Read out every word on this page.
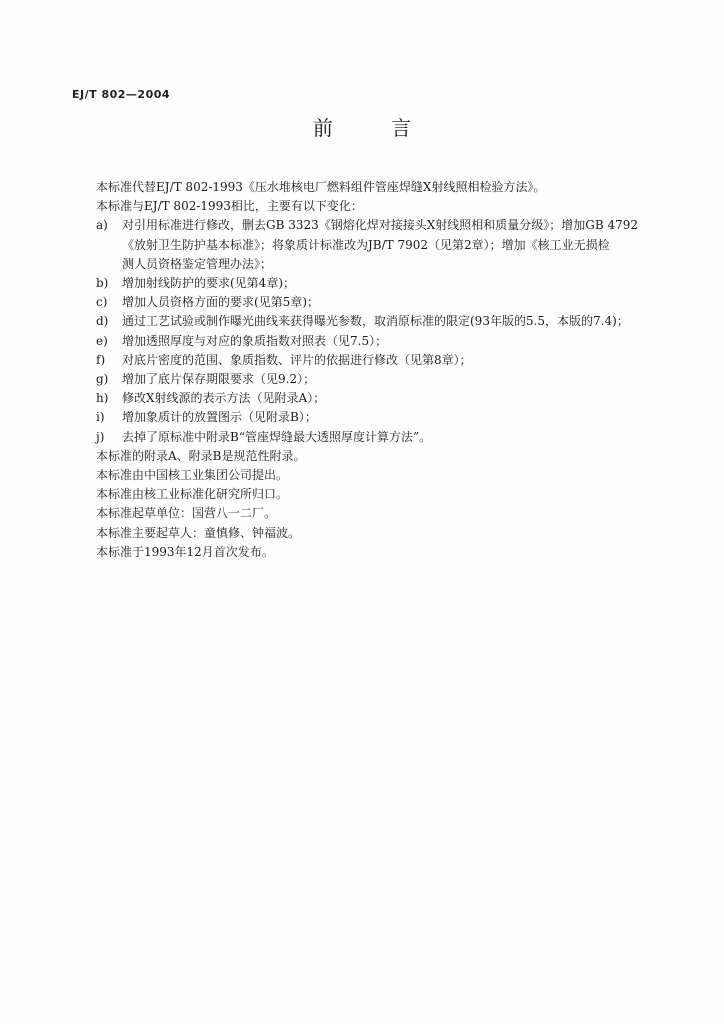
EJ/T 802—2004
前 言

本标准代替EJ/T 802-1993《压水堆核电厂燃料组件管座焊缝X射线照相检验方法》。

本标准与EJ/T 802-1993相比，主要有以下变化：

a)	对引用标准进行修改，删去GB 3323《钢熔化焊对接接头X射线照相和质量分级》；增加GB 4792
《放射卫生防护基本标准》；将象质计标准改为JB/T 7902（见第2章）；增加《核工业无损检
测人员资格鉴定管理办法》；
b)	增加射线防护的要求(见第4章)；
c)	增加人员资格方面的要求(见第5章)；
d)	通过工艺试验或制作曝光曲线来获得曝光参数，取消原标准的限定(93年版的5.5，本版的7.4)；
e)	增加透照厚度与对应的象质指数对照表（见7.5）；
f)	对底片密度的范围、象质指数、评片的依据进行修改（见第8章）；
g)	增加了底片保存期限要求（见9.2）；
h)	修改X射线源的表示方法（见附录A）；
i)	增加象质计的放置图示（见附录B）；
j)	去掉了原标准中附录B“管座焊缝最大透照厚度计算方法”。

本标准的附录A、附录B是规范性附录。

本标准由中国核工业集团公司提出。

本标准由核工业标准化研究所归口。

本标准起草单位：国营八一二厂。

本标准主要起草人：童慎修、钟福波。

本标准于1993年12月首次发布。
